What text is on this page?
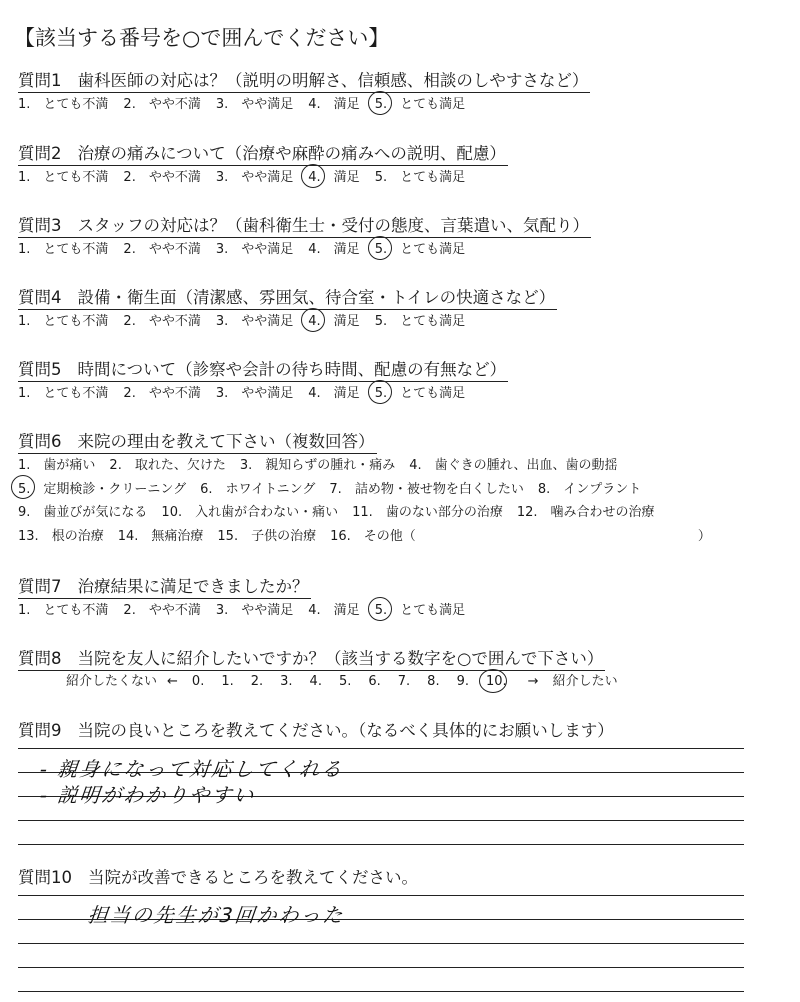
【該当する番号を○で囲んでください】
質問1 歯科医師の対応は？（説明の明解さ、信頼感、相談のしやすさなど）
1.　とても不満 2.　やや不満 3.　やや満足 4.　満足 5.　とても満足
質問2 治療の痛みについて（治療や麻酔の痛みへの説明、配慮）
1.　とても不満 2.　やや不満 3.　やや満足 4.　満足 5.　とても満足
質問3 スタッフの対応は？（歯科衛生士・受付の態度、言葉遣い、気配り）
1.　とても不満 2.　やや不満 3.　やや満足 4.　満足 5.　とても満足
質問4 設備・衛生面（清潔感、雰囲気、待合室・トイレの快適さなど）
1.　とても不満 2.　やや不満 3.　やや満足 4.　満足 5.　とても満足
質問5 時間について（診察や会計の待ち時間、配慮の有無など）
1.　とても不満 2.　やや不満 3.　やや満足 4.　満足 5.　とても満足
質問6 来院の理由を教えて下さい（複数回答）
1.　歯が痛い 2.　取れた、欠けた 3.　親知らずの腫れ・痛み 4.　歯ぐきの腫れ、出血、歯の動揺
5.　定期検診・クリーニング 6.　ホワイトニング 7.　詰め物・被せ物を白くしたい 8.　インプラント
9.　歯並びが気になる 10.　入れ歯が合わない・痛い 11.　歯のない部分の治療 12.　噛み合わせの治療
13.　根の治療 14.　無痛治療 15.　子供の治療 16.　その他（	）
質問7 治療結果に満足できましたか？
1.　とても不満 2.　やや不満 3.　やや満足 4.　満足 5.　とても満足
質問8 当院を友人に紹介したいですか？（該当する数字を○で囲んで下さい）
紹介したくない ← 0. 1. 2. 3. 4. 5. 6. 7. 8. 9. 10. → 紹介したい
質問9 当院の良いところを教えてください。（なるべく具体的にお願いします）
- 親身になって対応してくれる
- 説明がわかりやすい
質問10 当院が改善できるところを教えてください。
担当の先生が3回かわった
